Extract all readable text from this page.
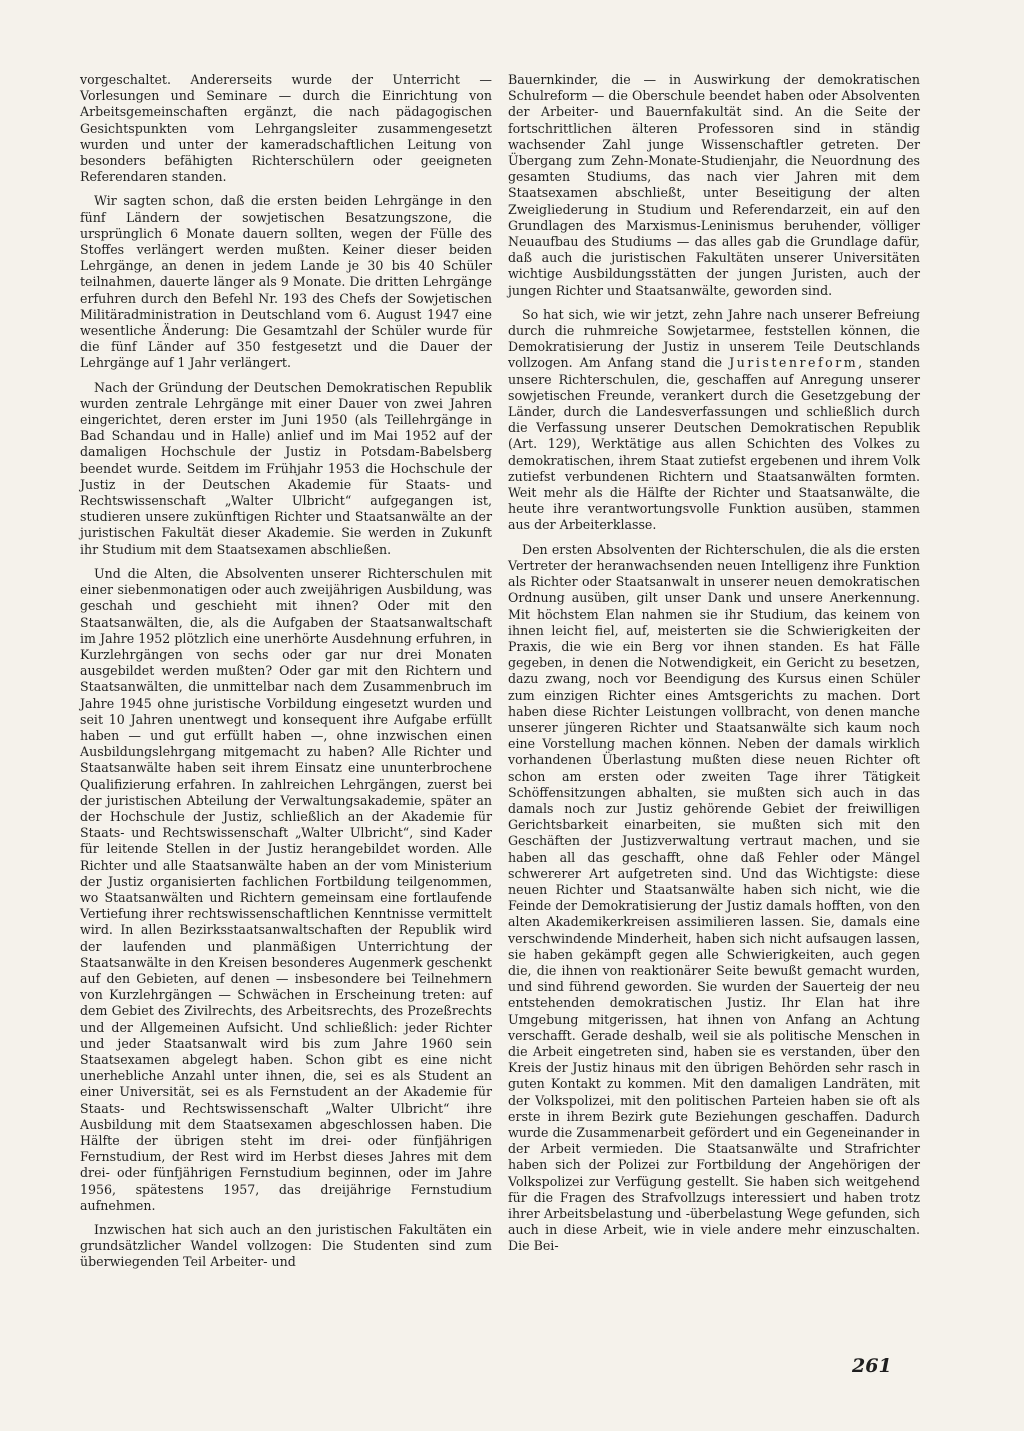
vorgeschaltet. Andererseits wurde der Unterricht — Vorlesungen und Seminare — durch die Einrichtung von Arbeitsgemeinschaften ergänzt, die nach pädagogischen Gesichtspunkten vom Lehrgangsleiter zusammengesetzt wurden und unter der kameradschaftlichen Leitung von besonders befähigten Richterschülern oder geeigneten Referendaren standen.

Wir sagten schon, daß die ersten beiden Lehrgänge in den fünf Ländern der sowjetischen Besatzungszone, die ursprünglich 6 Monate dauern sollten, wegen der Fülle des Stoffes verlängert werden mußten. Keiner dieser beiden Lehrgänge, an denen in jedem Lande je 30 bis 40 Schüler teilnahmen, dauerte länger als 9 Monate. Die dritten Lehrgänge erfuhren durch den Befehl Nr. 193 des Chefs der Sowjetischen Militäradministration in Deutschland vom 6. August 1947 eine wesentliche Änderung: Die Gesamtzahl der Schüler wurde für die fünf Länder auf 350 festgesetzt und die Dauer der Lehrgänge auf 1 Jahr verlängert.

Nach der Gründung der Deutschen Demokratischen Republik wurden zentrale Lehrgänge mit einer Dauer von zwei Jahren eingerichtet, deren erster im Juni 1950 (als Teillehrgänge in Bad Schandau und in Halle) anlief und im Mai 1952 auf der damaligen Hochschule der Justiz in Potsdam-Babelsberg beendet wurde. Seitdem im Frühjahr 1953 die Hochschule der Justiz in der Deutschen Akademie für Staats- und Rechtswissenschaft „Walter Ulbricht“ aufgegangen ist, studieren unsere zukünftigen Richter und Staatsanwälte an der juristischen Fakultät dieser Akademie. Sie werden in Zukunft ihr Studium mit dem Staatsexamen abschließen.

Und die Alten, die Absolventen unserer Richterschulen mit einer siebenmonatigen oder auch zweijährigen Ausbildung, was geschah und geschieht mit ihnen? Oder mit den Staatsanwälten, die, als die Aufgaben der Staatsanwaltschaft im Jahre 1952 plötzlich eine unerhörte Ausdehnung erfuhren, in Kurzlehrgängen von sechs oder gar nur drei Monaten ausgebildet werden mußten? Oder gar mit den Richtern und Staatsanwälten, die unmittelbar nach dem Zusammenbruch im Jahre 1945 ohne juristische Vorbildung eingesetzt wurden und seit 10 Jahren unentwegt und konsequent ihre Aufgabe erfüllt haben — und gut erfüllt haben —, ohne inzwischen einen Ausbildungslehrgang mitgemacht zu haben? Alle Richter und Staatsanwälte haben seit ihrem Einsatz eine ununterbrochene Qualifizierung erfahren. In zahlreichen Lehrgängen, zuerst bei der juristischen Abteilung der Verwaltungsakademie, später an der Hochschule der Justiz, schließlich an der Akademie für Staats- und Rechtswissenschaft „Walter Ulbricht“, sind Kader für leitende Stellen in der Justiz herangebildet worden. Alle Richter und alle Staatsanwälte haben an der vom Ministerium der Justiz organisierten fachlichen Fortbildung teilgenommen, wo Staatsanwälten und Richtern gemeinsam eine fortlaufende Vertiefung ihrer rechtswissenschaftlichen Kenntnisse vermittelt wird. In allen Bezirksstaatsanwaltschaften der Republik wird der laufenden und planmäßigen Unterrichtung der Staatsanwälte in den Kreisen besonderes Augenmerk geschenkt auf den Gebieten, auf denen — insbesondere bei Teilnehmern von Kurzlehrgängen — Schwächen in Erscheinung treten: auf dem Gebiet des Zivilrechts, des Arbeitsrechts, des Prozeßrechts und der Allgemeinen Aufsicht. Und schließlich: jeder Richter und jeder Staatsanwalt wird bis zum Jahre 1960 sein Staatsexamen abgelegt haben. Schon gibt es eine nicht unerhebliche Anzahl unter ihnen, die, sei es als Student an einer Universität, sei es als Fernstudent an der Akademie für Staats- und Rechtswissenschaft „Walter Ulbricht“ ihre Ausbildung mit dem Staatsexamen abgeschlossen haben. Die Hälfte der übrigen steht im drei- oder fünfjährigen Fernstudium, der Rest wird im Herbst dieses Jahres mit dem drei- oder fünfjährigen Fernstudium beginnen, oder im Jahre 1956, spätestens 1957, das dreijährige Fernstudium aufnehmen.

Inzwischen hat sich auch an den juristischen Fakultäten ein grundsätzlicher Wandel vollzogen: Die Studenten sind zum überwiegenden Teil Arbeiter- und

Bauernkinder, die — in Auswirkung der demokratischen Schulreform — die Oberschule beendet haben oder Absolventen der Arbeiter- und Bauernfakultät sind. An die Seite der fortschrittlichen älteren Professoren sind in ständig wachsender Zahl junge Wissenschaftler getreten. Der Übergang zum Zehn-Monate-Studienjahr, die Neuordnung des gesamten Studiums, das nach vier Jahren mit dem Staatsexamen abschließt, unter Beseitigung der alten Zweigliederung in Studium und Referendarzeit, ein auf den Grundlagen des Marxismus-Leninismus beruhender, völliger Neuaufbau des Studiums — das alles gab die Grundlage dafür, daß auch die juristischen Fakultäten unserer Universitäten wichtige Ausbildungsstätten der jungen Juristen, auch der jungen Richter und Staatsanwälte, geworden sind.

So hat sich, wie wir jetzt, zehn Jahre nach unserer Befreiung durch die ruhmreiche Sowjetarmee, feststellen können, die Demokratisierung der Justiz in unserem Teile Deutschlands vollzogen. Am Anfang stand die Juristenreform, standen unsere Richterschulen, die, geschaffen auf Anregung unserer sowjetischen Freunde, verankert durch die Gesetzgebung der Länder, durch die Landesverfassungen und schließlich durch die Verfassung unserer Deutschen Demokratischen Republik (Art. 129), Werktätige aus allen Schichten des Volkes zu demokratischen, ihrem Staat zutiefst ergebenen und ihrem Volk zutiefst verbundenen Richtern und Staatsanwälten formten. Weit mehr als die Hälfte der Richter und Staatsanwälte, die heute ihre verantwortungsvolle Funktion ausüben, stammen aus der Arbeiterklasse.

Den ersten Absolventen der Richterschulen, die als die ersten Vertreter der heranwachsenden neuen Intelligenz ihre Funktion als Richter oder Staatsanwalt in unserer neuen demokratischen Ordnung ausüben, gilt unser Dank und unsere Anerkennung. Mit höchstem Elan nahmen sie ihr Studium, das keinem von ihnen leicht fiel, auf, meisterten sie die Schwierigkeiten der Praxis, die wie ein Berg vor ihnen standen. Es hat Fälle gegeben, in denen die Notwendigkeit, ein Gericht zu besetzen, dazu zwang, noch vor Beendigung des Kursus einen Schüler zum einzigen Richter eines Amtsgerichts zu machen. Dort haben diese Richter Leistungen vollbracht, von denen manche unserer jüngeren Richter und Staatsanwälte sich kaum noch eine Vorstellung machen können. Neben der damals wirklich vorhandenen Überlastung mußten diese neuen Richter oft schon am ersten oder zweiten Tage ihrer Tätigkeit Schöffensitzungen abhalten, sie mußten sich auch in das damals noch zur Justiz gehörende Gebiet der freiwilligen Gerichtsbarkeit einarbeiten, sie mußten sich mit den Geschäften der Justizverwaltung vertraut machen, und sie haben all das geschafft, ohne daß Fehler oder Mängel schwererer Art aufgetreten sind. Und das Wichtigste: diese neuen Richter und Staatsanwälte haben sich nicht, wie die Feinde der Demokratisierung der Justiz damals hofften, von den alten Akademikerkreisen assimilieren lassen. Sie, damals eine verschwindende Minderheit, haben sich nicht aufsaugen lassen, sie haben gekämpft gegen alle Schwierigkeiten, auch gegen die, die ihnen von reaktionärer Seite bewußt gemacht wurden, und sind führend geworden. Sie wurden der Sauerteig der neu entstehenden demokratischen Justiz. Ihr Elan hat ihre Umgebung mitgerissen, hat ihnen von Anfang an Achtung verschafft. Gerade deshalb, weil sie als politische Menschen in die Arbeit eingetreten sind, haben sie es verstanden, über den Kreis der Justiz hinaus mit den übrigen Behörden sehr rasch in guten Kontakt zu kommen. Mit den damaligen Landräten, mit der Volkspolizei, mit den politischen Parteien haben sie oft als erste in ihrem Bezirk gute Beziehungen geschaffen. Dadurch wurde die Zusammenarbeit gefördert und ein Gegeneinander in der Arbeit vermieden. Die Staatsanwälte und Strafrichter haben sich der Polizei zur Fortbildung der Angehörigen der Volkspolizei zur Verfügung gestellt. Sie haben sich weitgehend für die Fragen des Strafvollzugs interessiert und haben trotz ihrer Arbeitsbelastung und -überbelastung Wege gefunden, sich auch in diese Arbeit, wie in viele andere mehr einzuschalten. Die Bei-

261
